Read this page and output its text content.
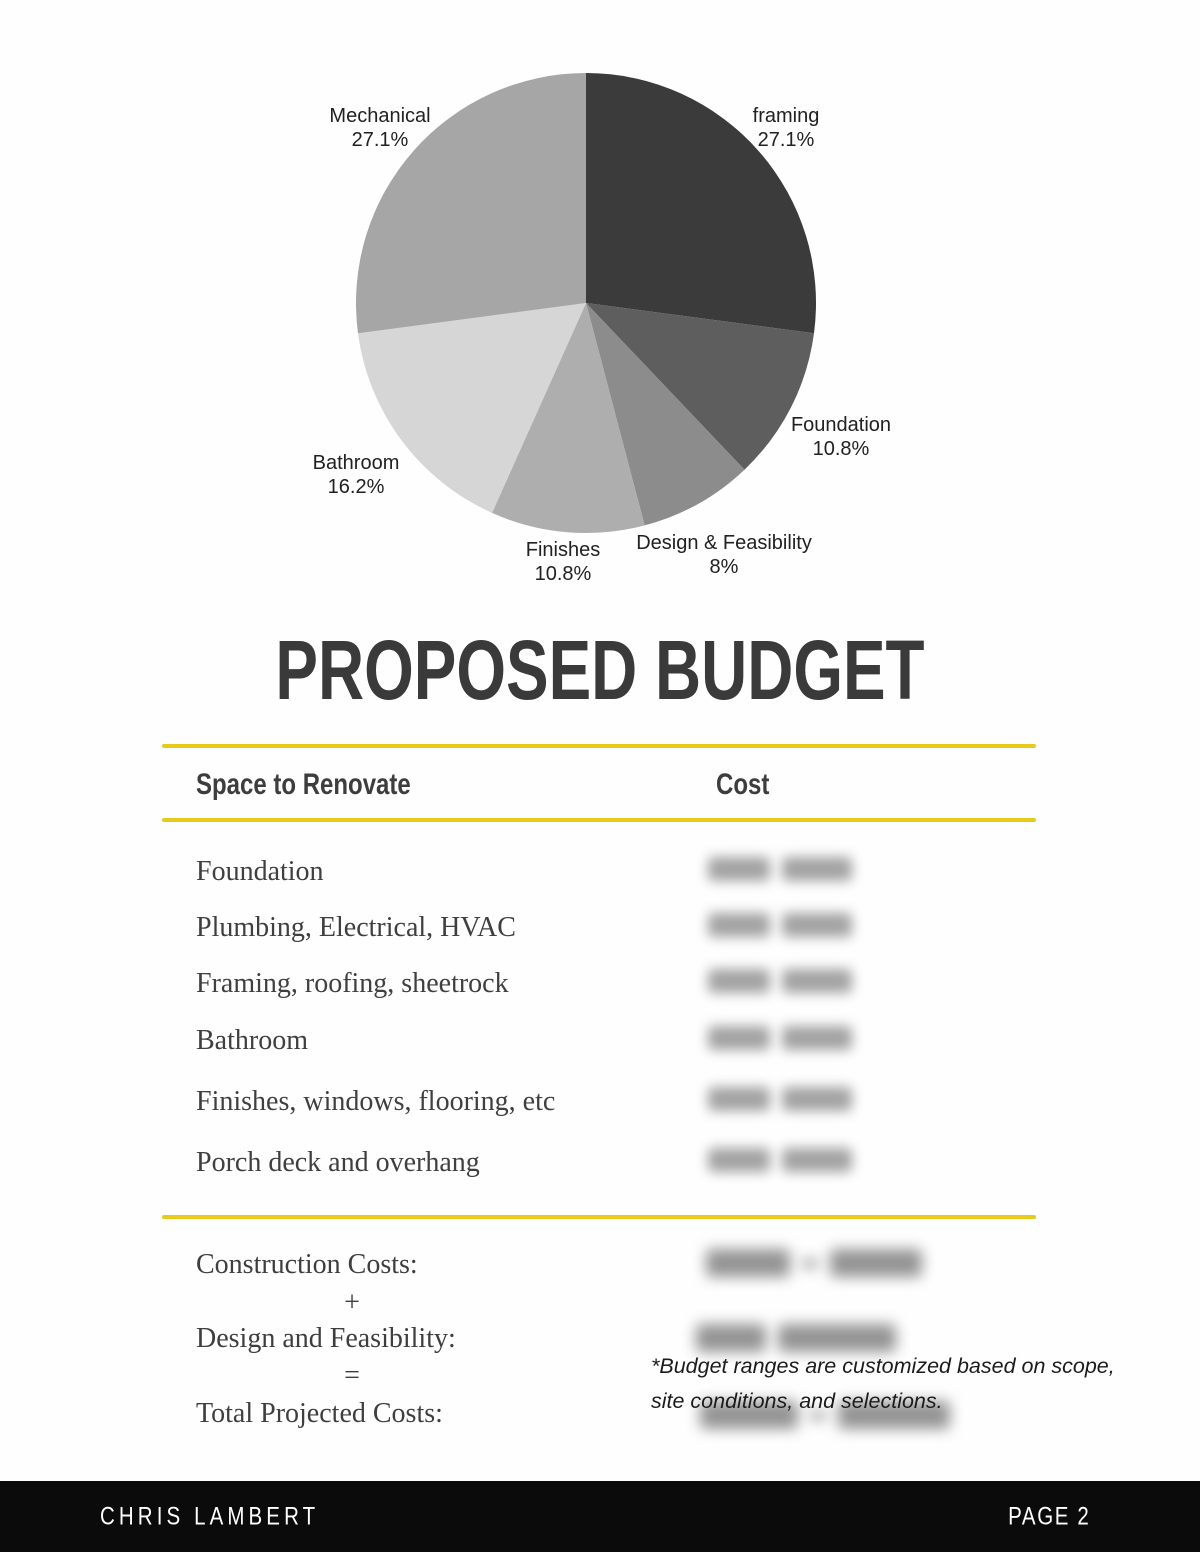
framing
27.1%
Foundation
10.8%
Design & Feasibility
8%
Finishes
10.8%
Bathroom
16.2%
Mechanical
27.1%
PROPOSED BUDGET
Space to Renovate	Cost
Foundation
Plumbing, Electrical, HVAC
Framing, roofing, sheetrock
Bathroom
Finishes, windows, flooring, etc
Porch deck and overhang
Construction Costs:
+
Design and Feasibility:
=
Total Projected Costs:
*Budget ranges are customized based on scope,
site conditions, and selections.
CHRIS LAMBERT	PAGE 2
